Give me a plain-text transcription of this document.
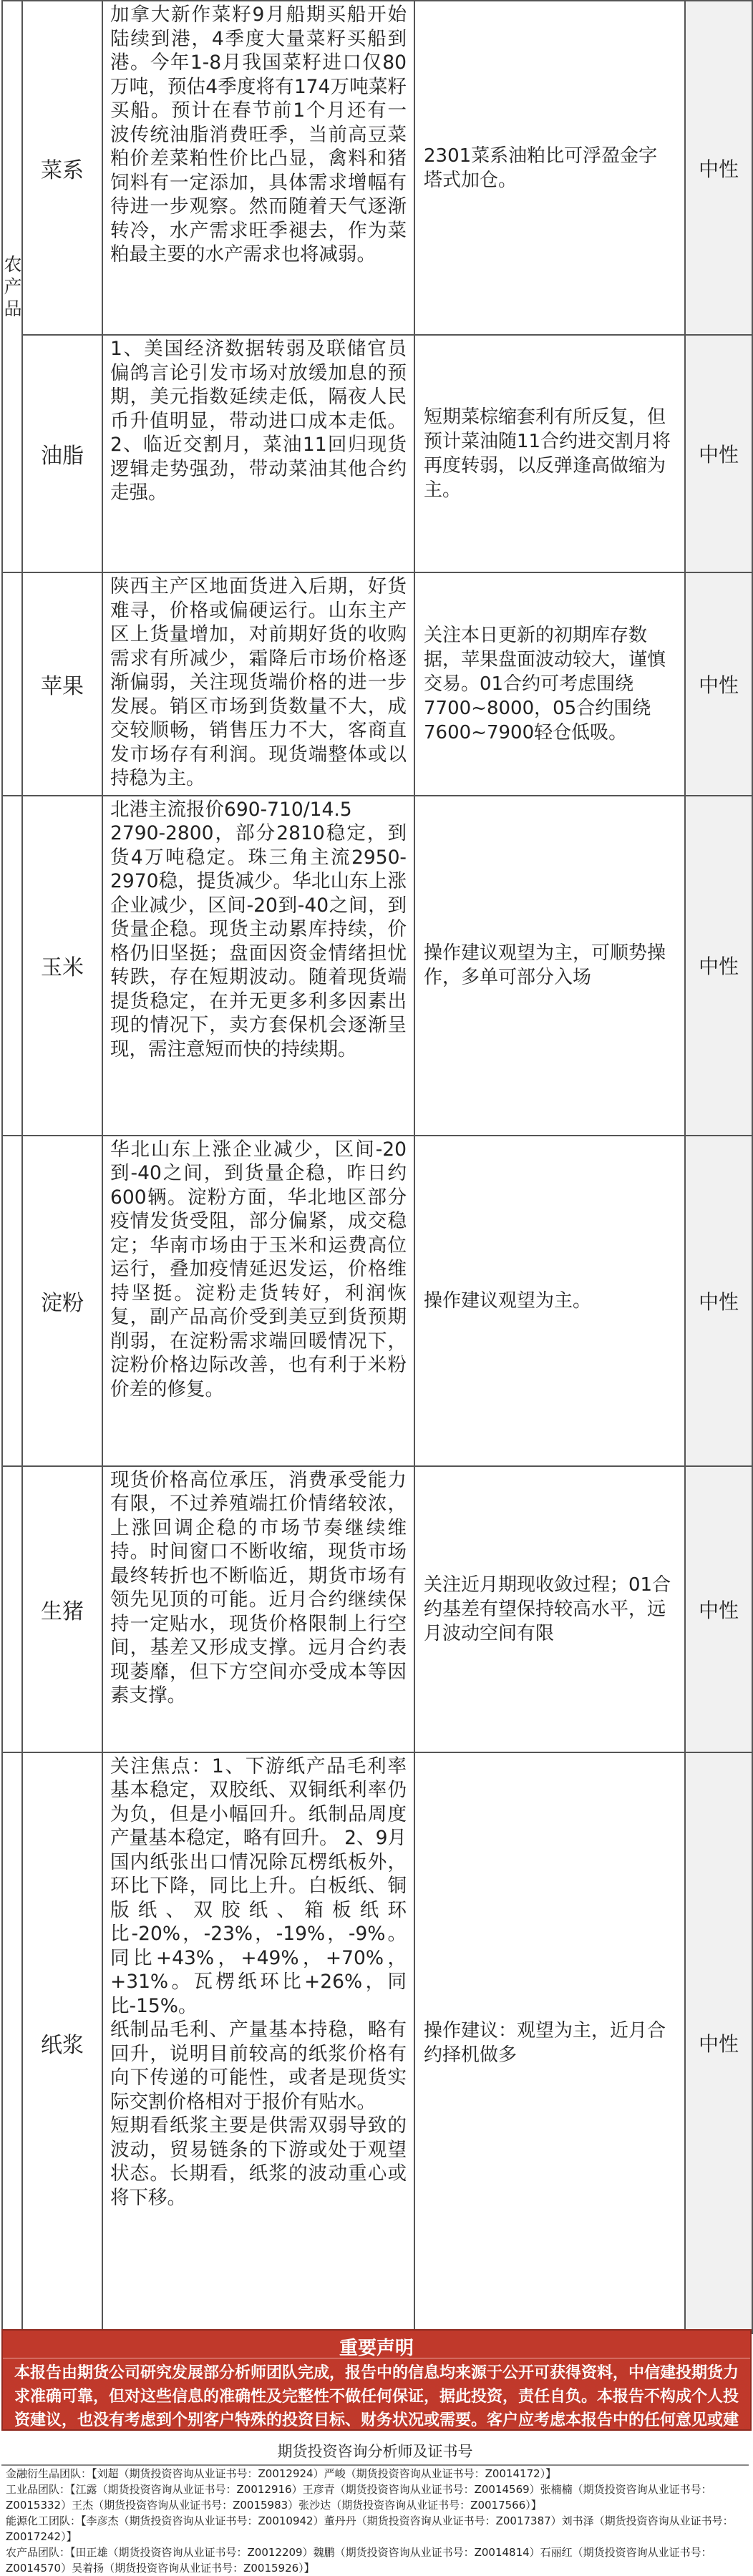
农产品	菜系	加拿大新作菜籽9月船期买船开始陆续到港，4季度大量菜籽买船到港。今年1-8月我国菜籽进口仅80万吨，预估4季度将有174万吨菜籽买船。预计在春节前1个月还有一波传统油脂消费旺季，当前高豆菜粕价差菜粕性价比凸显，禽料和猪饲料有一定添加，具体需求增幅有待进一步观察。然而随着天气逐渐转冷，水产需求旺季褪去，作为菜粕最主要的水产需求也将减弱。	2301菜系油粕比可浮盈金字塔式加仓。	中性
	油脂	1、美国经济数据转弱及联储官员偏鸽言论引发市场对放缓加息的预期，美元指数延续走低，隔夜人民币升值明显，带动进口成本走低。2、临近交割月，菜油11回归现货逻辑走势强劲，带动菜油其他合约走强。	短期菜棕缩套利有所反复，但预计菜油随11合约进交割月将再度转弱，以反弹逢高做缩为主。	中性
	苹果	陕西主产区地面货进入后期，好货难寻，价格或偏硬运行。山东主产区上货量增加，对前期好货的收购需求有所减少，霜降后市场价格逐渐偏弱，关注现货端价格的进一步发展。销区市场到货数量不大，成交较顺畅，销售压力不大，客商直发市场存有利润。现货端整体或以持稳为主。	关注本日更新的初期库存数据，苹果盘面波动较大，谨慎交易。01合约可考虑围绕7700~8000，05合约围绕7600~7900轻仓低吸。	中性
	玉米	北港主流报价690-710/14.5
2790-2800，部分2810稳定，到货4万吨稳定。珠三角主流2950-2970稳，提货减少。华北山东上涨企业减少，区间-20到-40之间，到货量企稳。现货主动累库持续，价格仍旧坚挺；盘面因资金情绪担忧转跌，存在短期波动。随着现货端提货稳定，在并无更多利多因素出现的情况下，卖方套保机会逐渐呈现，需注意短而快的持续期。	操作建议观望为主，可顺势操作，多单可部分入场	中性
	淀粉	华北山东上涨企业减少，区间-20到-40之间，到货量企稳，昨日约600辆。淀粉方面，华北地区部分疫情发货受阻，部分偏紧，成交稳定；华南市场由于玉米和运费高位运行，叠加疫情延迟发运，价格维持坚挺。淀粉走货转好，利润恢复，副产品高价受到美豆到货预期削弱，在淀粉需求端回暖情况下，淀粉价格边际改善，也有利于米粉价差的修复。	操作建议观望为主。	中性
	生猪	现货价格高位承压，消费承受能力有限，不过养殖端扛价情绪较浓，上涨回调企稳的市场节奏继续维持。时间窗口不断收缩，现货市场最终转折也不断临近，期货市场有领先见顶的可能。近月合约继续保持一定贴水，现货价格限制上行空间，基差又形成支撑。远月合约表现萎靡，但下方空间亦受成本等因素支撑。	关注近月期现收敛过程；01合约基差有望保持较高水平，远月波动空间有限	中性
	纸浆	关注焦点：1、下游纸产品毛利率基本稳定，双胶纸、双铜纸利率仍为负，但是小幅回升。纸制品周度产量基本稳定，略有回升。 2、9月国内纸张出口情况除瓦楞纸板外，环比下降，同比上升。白板纸、铜版纸、双胶纸、箱板纸环比-20%，-23%，-19%，-9%。同比+43%，+49%，+70%，+31%。瓦楞纸环比+26%，同比-15%。
纸制品毛利、产量基本持稳，略有回升，说明目前较高的纸浆价格有向下传递的可能性，或者是现货实际交割价格相对于报价有贴水。
短期看纸浆主要是供需双弱导致的波动，贸易链条的下游或处于观望状态。长期看，纸浆的波动重心或将下移。	操作建议：观望为主，近月合约择机做多	中性
重要声明
本报告由期货公司研究发展部分析师团队完成，报告中的信息均来源于公开可获得资料，中信建投期货力求准确可靠，但对这些信息的准确性及完整性不做任何保证，据此投资，责任自负。本报告不构成个人投资建议，也没有考虑到个别客户特殊的投资目标、财务状况或需要。客户应考虑本报告中的任何意见或建议是否符合其特定状况。	期货投资咨询分析师及证书号
金融衍生品团队：【刘超（期货投资咨询从业证书号：Z0012924）严峻（期货投资咨询从业证书号：Z0014172）】
工业品团队：【江露（期货投资咨询从业证书号：Z0012916）王彦青（期货投资咨询从业证书号：Z0014569）张楠楠（期货投资咨询从业证书号：Z0015332）王杰（期货投资咨询从业证书号：Z0015983）张沙达（期货投资咨询从业证书号：Z0017566）】
能源化工团队：【李彦杰（期货投资咨询从业证书号：Z0010942）董丹丹（期货投资咨询从业证书号：Z0017387）刘书泽（期货投资咨询从业证书号：Z0017242）】
农产品团队：【田正雄（期货投资咨询从业证书号：Z0012209）魏鹏（期货投资咨询从业证书号：Z0014814）石丽红（期货投资咨询从业证书号：Z0014570）吴着扬（期货投资咨询从业证书号：Z0015926）】
